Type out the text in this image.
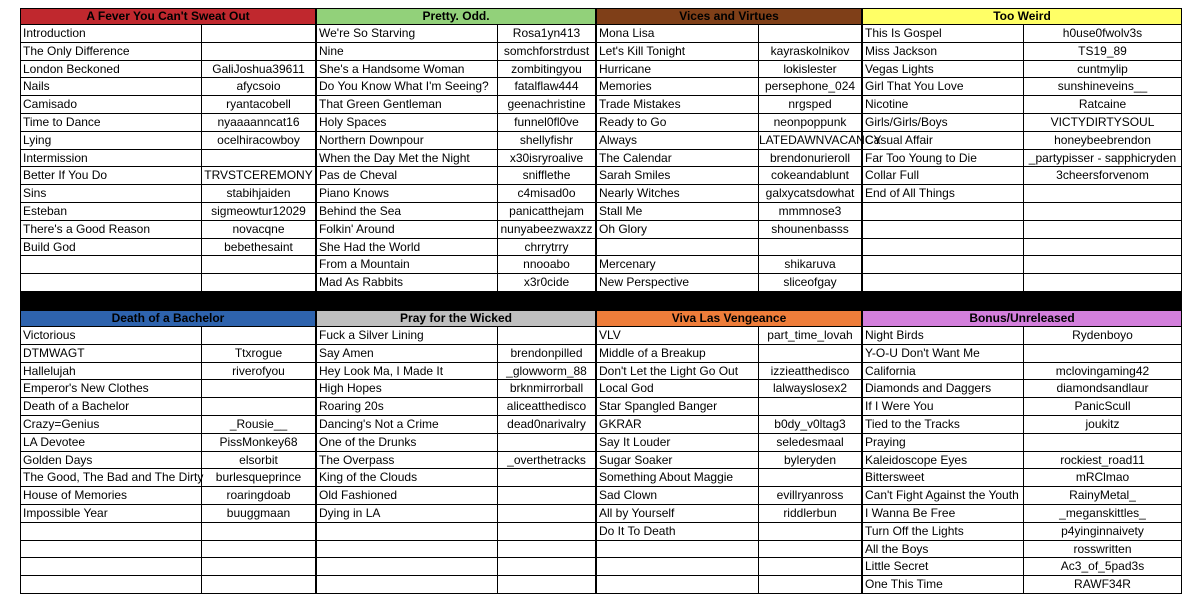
A Fever You Can't Sweat Out
Introduction
The Only Difference
London Beckoned	GaliJoshua39611
Nails	afycsoio
Camisado	ryantacobell
Time to Dance	nyaaaanncat16
Lying	ocelhiracowboy
Intermission
Better If You Do	TRVSTCEREMONY
Sins	stabihjaiden
Esteban	sigmeowtur12029
There's a Good Reason	novacqne
Build God	bebethesaint
Pretty. Odd.
We're So Starving	Rosa1yn413
Nine	somchforstrdust
She's a Handsome Woman	zombitingyou
Do You Know What I'm Seeing?	fatalflaw444
That Green Gentleman	geenachristine
Holy Spaces	funnel0fl0ve
Northern Downpour	shellyfishr
When the Day Met the Night	x30isryroalive
Pas de Cheval	snifflethe
Piano Knows	c4misad0o
Behind the Sea	panicatthejam
Folkin' Around	nunyabeezwaxzz
She Had the World	chrrytrry
From a Mountain	nnooabo
Mad As Rabbits	x3r0cide
Vices and Virtues
Mona Lisa
Let's Kill Tonight	kayraskolnikov
Hurricane	lokislester
Memories	persephone_024
Trade Mistakes	nrgsped
Ready to Go	neonpoppunk
Always	LATEDAWNVACANCY
The Calendar	brendonurieroll
Sarah Smiles	cokeandablunt
Nearly Witches	galxycatsdowhat
Stall Me	mmmnose3
Oh Glory	shounenbasss
Mercenary	shikaruva
New Perspective	sliceofgay
Too Weird
This Is Gospel	h0use0fwolv3s
Miss Jackson	TS19_89
Vegas Lights	cuntmylip
Girl That You Love	sunshineveins__
Nicotine	Ratcaine
Girls/Girls/Boys	VICTYDIRTYSOUL
Casual Affair	honeybeebrendon
Far Too Young to Die	_partypisser - sapphicryden
Collar Full	3cheersforvenom
End of All Things
Death of a Bachelor
Victorious
DTMWAGT	Ttxrogue
Hallelujah	riverofyou
Emperor's New Clothes
Death of a Bachelor
Crazy=Genius	_Rousie__
LA Devotee	PissMonkey68
Golden Days	elsorbit
The Good, The Bad and The Dirty	burlesqueprince
House of Memories	roaringdoab
Impossible Year	buuggmaan
Pray for the Wicked
Fuck a Silver Lining
Say Amen	brendonpilled
Hey Look Ma, I Made It	_glowworm_88
High Hopes	brknmirrorball
Roaring 20s	aliceatthedisco
Dancing's Not a Crime	dead0narivalry
One of the Drunks
The Overpass	_overthetracks
King of the Clouds
Old Fashioned
Dying in LA
Viva Las Vengeance
VLV	part_time_lovah
Middle of a Breakup
Don't Let the Light Go Out	izzieatthedisco
Local God	lalwayslosex2
Star Spangled Banger
GKRAR	b0dy_v0ltag3
Say It Louder	seledesmaal
Sugar Soaker	byleryden
Something About Maggie
Sad Clown	evillryanross
All by Yourself	riddlerbun
Do It To Death
Bonus/Unreleased
Night Birds	Rydenboyo
Y-O-U Don't Want Me
California	mclovingaming42
Diamonds and Daggers	diamondsandlaur
If I Were You	PanicScull
Tied to the Tracks	joukitz
Praying
Kaleidoscope Eyes	rockiest_road11
Bittersweet	mRClmao
Can't Fight Against the Youth	RainyMetal_
I Wanna Be Free	_meganskittles_
Turn Off the Lights	p4yinginnaivety
All the Boys	rosswritten
Little Secret	Ac3_of_5pad3s
One This Time	RAWF34R
